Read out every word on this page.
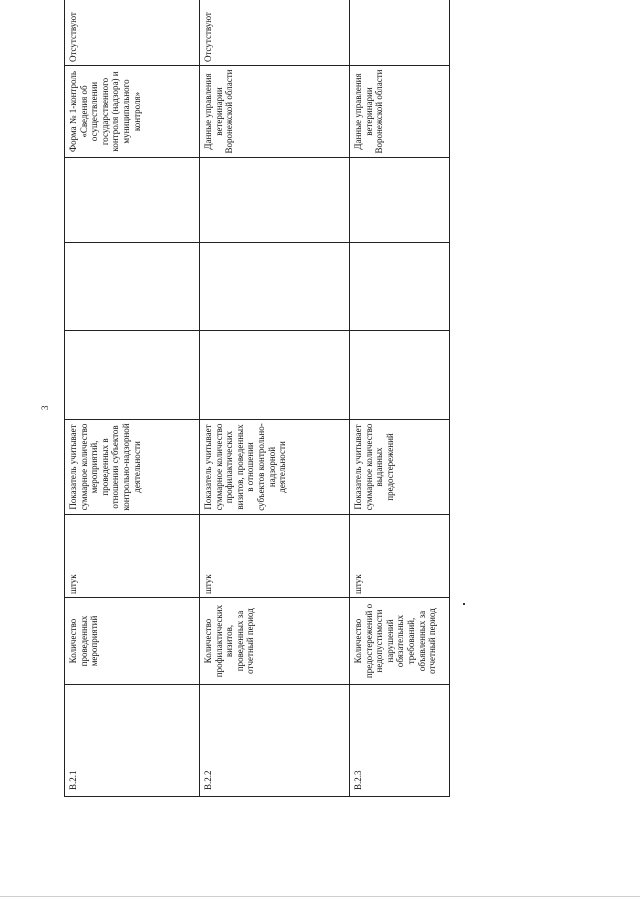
3
В.2.1	Количество проведенных мероприятий	штук	Показатель учитывает суммарное количество мероприятий, проведенных в отношении субъектов контрольно-надзорной деятельности				Форма № 1-контроль «Сведения об осуществлении государственного контроля (надзора) и муниципального контроля»	Отсутствуют
В.2.2	Количество профилактических визитов, проведенных за отчетный период	штук	Показатель учитывает суммарное количество профилактических визитов, проведенных в отношении субъектов контрольно-надзорной деятельности				Данные управления ветеринарии Воронежской области	Отсутствуют
В.2.3	Количество предостережений о недопустимости нарушений обязательных требований, объявленных за отчетный период	штук	Показатель учитывает суммарное количество выданных предостережений				Данные управления ветеринарии Воронежской области	
